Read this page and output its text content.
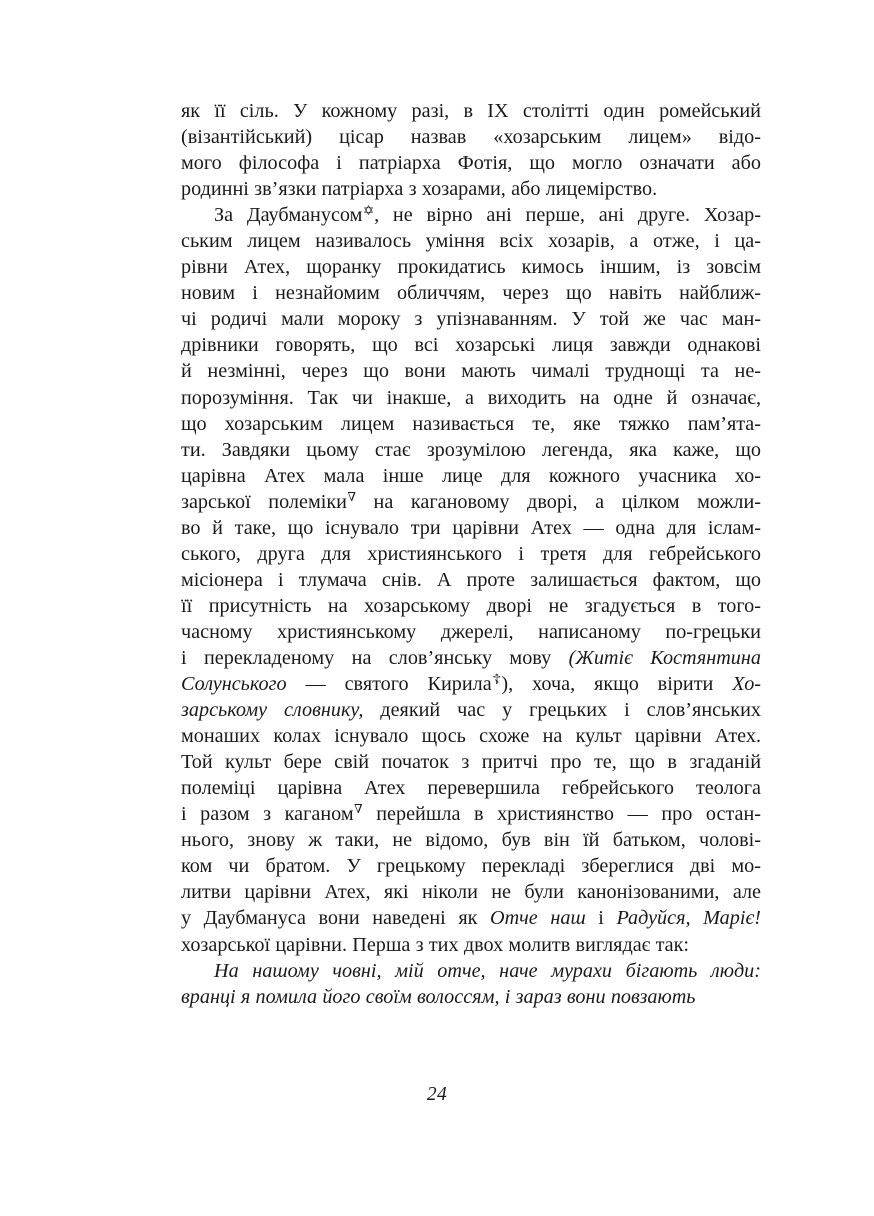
як її сіль. У кожному разі, в IX столітті один ромейський
(візантійський) цісар назвав «хозарським лицем» відо-
мого філософа і патріарха Фотія, що могло означати або
родинні зв’язки патріарха з хозарами, або лицемірство.

За Даубманусом✡, не вірно ані перше, ані друге. Хозар-
ським лицем називалось уміння всіх хозарів, а отже, і ца-
рівни Атех, щоранку прокидатись кимось іншим, із зовсім
новим і незнайомим обличчям, через що навіть найближ-
чі родичі мали мороку з упізнаванням. У той же час ман-
дрівники говорять, що всі хозарські лиця завжди однакові
й незмінні, через що вони мають чималі труднощі та не-
порозуміння. Так чи інакше, а виходить на одне й означає,
що хозарським лицем називається те, яке тяжко пам’ята-
ти. Завдяки цьому стає зрозумілою легенда, яка каже, що
царівна Атех мала інше лице для кожного учасника хо-
зарської полеміки∇ на кагановому дворі, а цілком можли-
во й таке, що існувало три царівни Атех — одна для іслам-
ського, друга для християнського і третя для гебрейського
місіонера і тлумача снів. А проте залишається фактом, що
її присутність на хозарському дворі не згадується в того-
часному християнському джерелі, написаному по-грецьки
і перекладеному на слов’янську мову (Житіє Костянтина
Солунського — святого Кирила☦), хоча, якщо вірити Хо-
зарському словнику, деякий час у грецьких і слов’янських
монаших колах існувало щось схоже на культ царівни Атех.
Той культ бере свій початок з притчі про те, що в згаданій
полеміці царівна Атех перевершила гебрейського теолога
і разом з каганом∇ перейшла в християнство — про остан-
нього, знову ж таки, не відомо, був він їй батьком, чолові-
ком чи братом. У грецькому перекладі збереглися дві мо-
литви царівни Атех, які ніколи не були канонізованими, але
у Даубмануса вони наведені як Отче наш і Радуйся, Маріє!
хозарської царівни. Перша з тих двох молитв виглядає так:

На нашому човні, мій отче, наче мурахи бігають люди:
вранці я помила його своїм волоссям, і зараз вони повзають

24
